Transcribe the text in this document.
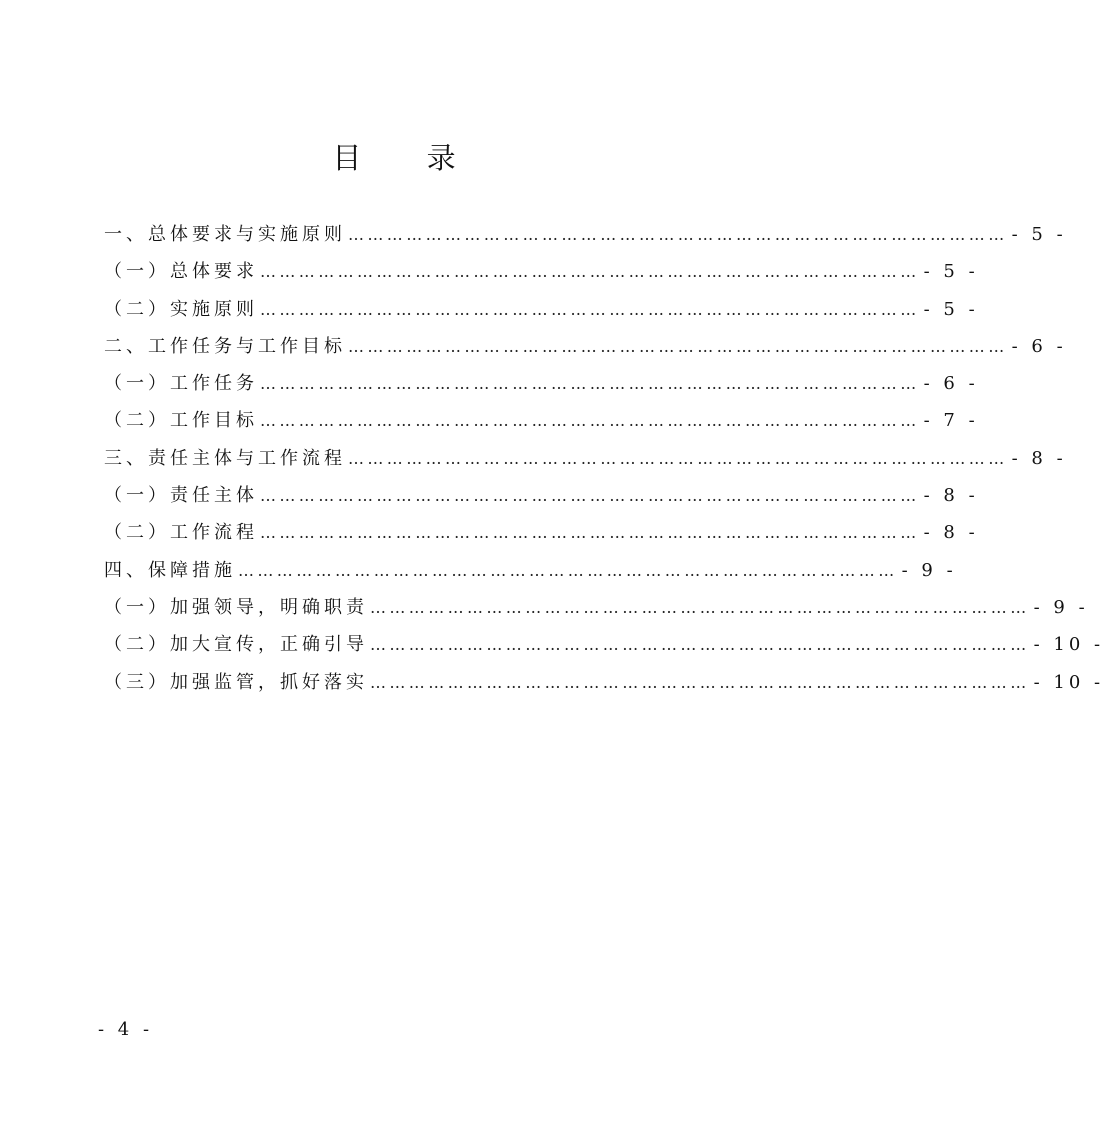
目 录
一、总体要求与实施原则 ………………………………………………………………………………………… - 5 -
（一）总体要求 ………………………………………………………………………………………… - 5 -
（二）实施原则 ………………………………………………………………………………………… - 5 -
二、工作任务与工作目标 ………………………………………………………………………………………… - 6 -
（一）工作任务 ………………………………………………………………………………………… - 6 -
（二）工作目标 ………………………………………………………………………………………… - 7 -
三、责任主体与工作流程 ………………………………………………………………………………………… - 8 -
（一）责任主体 ………………………………………………………………………………………… - 8 -
（二）工作流程 ………………………………………………………………………………………… - 8 -
四、保障措施 ………………………………………………………………………………………… - 9 -
（一）加强领导，明确职责 ………………………………………………………………………………………… - 9 -
（二）加大宣传，正确引导 ………………………………………………………………………………………… - 10 -
（三）加强监管，抓好落实 ………………………………………………………………………………………… - 10 -
- 4 -
